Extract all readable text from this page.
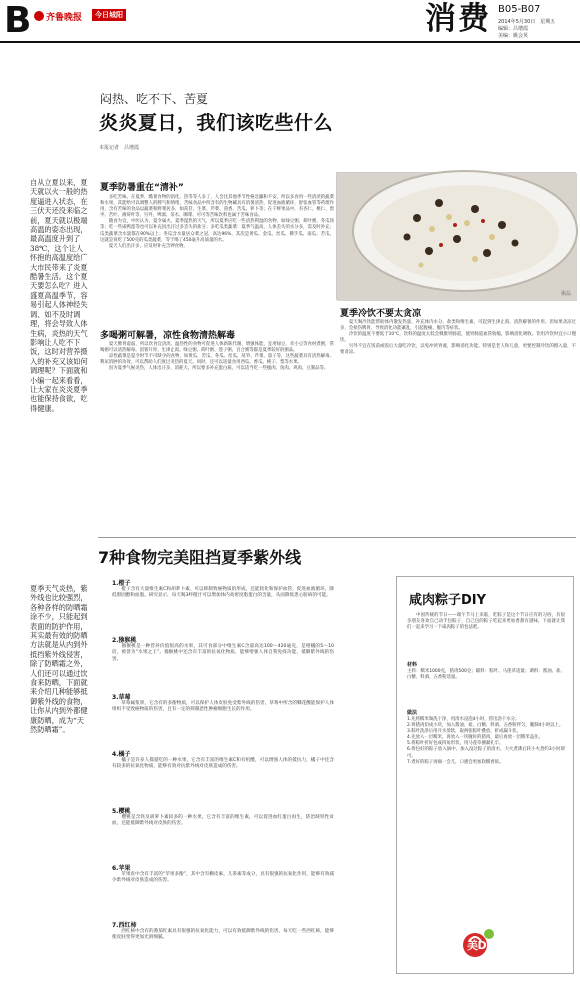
B	齐鲁晚报	今日城阳	消费 B05-B07
2014年5月30日　星期五
编辑：吕增霞
美编：姚会英
闷热、吃不下、苦夏
炎炎夏日，我们该吃些什么
本报记者　吕增霞
自从立夏以来，夏天就以火一般的热度逼进入状态，在三伏天还没来临之前，夏天就以极端高温的姿态出现，最高温度升到了38℃，这个让人怀抱的高温度给广大市民带来了炎夏酷暑生活。这个夏天要怎么吃？进入盛夏高温季节，容易引起人体神经失调、如不及时调理，将会导致人体生病，炎热的天气影响让人吃不下饭，这时对营养摄入的补充又该如何调理呢？下面就和小编一起来看看，让大家在炎炎夏季也能保持食欲，吃得健康。
夏季防暑重在“清补”
　　多吃苦味、在夏季，酷暑食物的消化，热等等人多了，人会比其他季节性格急躁和不安，所以多食用一些清淡的蔬菜和水果，其能给可以调整人的脾气和情绪，苦味食品中所含有的生物碱具有消暑清热，促进血液循环，舒张血管等药理作用，含有苦味的食品以蔬菜和野菜居多，如莴苣、生菜、芹菜、茴香、苦瓜、萝卜等；在干鲜果品中，有杏仁、桃仁、黑枣、苦叶、薄荷叶等，另外，啤酒、茶水、咖啡、可可等苦味饮料也属于苦味食品。
　　随食为宜，中医认为，夏令属火，夏季湿热的天气，所以夏季应吃一些清热利湿的食物，如绿豆粥、荷叶粥、冬瓜汤等；吃一些咸鸭蛋等也可以补充因出汗过多丢失的盐分；多吃瓜类蔬菜：夏季气温高，人体丢失的水分多，需及时补充；瓜类蔬菜含水量都在90%以上；冬瓜含水量居众菜之冠，高达96%，其次是黄瓜、金瓜、丝瓜、佛手瓜、南瓜、苦瓜，这就是说吃了500克的瓜类蔬菜，等于喝了450毫升高质量的水。
　　夏天人们出汗多，应及时补充含钾食物。
粥品
多喝粥可解暑，凉性食物清热解毒
　　夏天脾胃虚弱，所以饮食宜清淡。温热性的食物可促进人体新陈代谢，增强体能，宜用绿豆、赤小豆等食材煮粥，常喝粥可以清热解毒、消暑开胃、生津止渴。绿豆粥、荷叶粥、莲子粥、百合粥等都是夏季较好的粥品。
　　凉性蔬菜是夏令时节不可缺少的食物，如黄瓜、苦瓜、冬瓜、丝瓜、莴笋、芹菜、茄子等，这些蔬菜具有清热解毒、利尿消肿的功效，可以帮助人们度过炎热的夏天。同时，还可以适量食用西瓜、香瓜、桃子、梨等水果。
　　因为夏季气候炎热，人体出汗多，消耗大，所以要多补充蛋白质，可以适当吃一些瘦肉、鱼肉、鸡肉、豆制品等。
夏季冷饮不要太贪凉
　　夏天喝冷饮能帮助体内散发热量，补充体内水分、盐类和维生素，可起到生津止渴、清热解暑的作用。但如果贪凉过多，会损伤脾胃，导致消化功能紊乱，引起腹痛、腹泻等症状。
　　冷饮的温度不要低于10℃，饮料的温度太低会刺激胃肠道，使胃肠道血管收缩，影响消化吸收。饮用冷饮时宜小口慢饮。
　　另外不宜在饭前或饭后大量吃冷饮，以免冲淡胃液，影响消化功能。特别是老人和儿童，更要控制冷饮的摄入量，不要贪凉。
7种食物完美阻挡夏季紫外线
1.橙子
　　橙子含有大量维生素C和胡萝卜素，可以抑制致癌物质的形成，还能软化和保护血管，促进血液循环，降低胆固醇和血脂。研究显示，每天喝3杯橙汁可以增加体内高密度脂蛋白的含量，从而降低患心脏病的可能。
2.猕猴桃
　　猕猴桃是一种营养价值很高的水果，其可食部分中维生素C含量高达100～420毫克，是柑橘的5～10倍，被誉为“水果之王”。猕猴桃中还含有丰富的抗氧化物质，能够增强人体自我免疫功能，抵御紫外线的伤害。
3.草莓
　　草莓属浆果，它含有的多酚物质，可以保护人体皮肤免受紫外线的伤害，草莓中所含的鞣花酸能保护人体组织不受致癌物质的伤害，且有一定的抑制恶性肿瘤细胞生长的作用。
4.橘子
　　橘子是许多人都爱吃的一种水果，它含有丰富的维生素C和有机酸，可以增强人体的抵抗力，橘子中还含有较多的抗氧化物质，能够有效对抗紫外线对皮肤造成的伤害。
5.樱桃
　　樱桃是含铁及胡萝卜素较多的一种水果，它含有丰富的维生素，可以促进血红蛋白再生，防治缺铁性贫血，还能抵御紫外线对皮肤的伤害。
6.苹果
　　苹果皮中含有丰富的“苹果多酚”，其中含有槲皮素、儿茶素等成分，具有很强的抗氧化作用，能够有效减少紫外线对皮肤造成的伤害。
7.西红柿
　　西红柿中含有的番茄红素具有很强的抗氧化能力，可以有效抵御紫外线的伤害，每天吃一些西红柿，能够使皮肤变得更加光滑细腻。
夏季天气炎热，紫外线也比较强烈，各种各样的防晒霜涂不少，只能起到表面的防护作用，其实最有效的防晒方法就是从内到外抵挡紫外线侵害，除了防晒霜之外，人们还可以通过饮食来防晒，下面就来介绍几种能够抵御紫外线的食物，让你从内到外都健康防晒，成为“天然防晒霜”。
咸肉粽子DIY
　　中国传统的节日——端午节马上来临，吃粽子是这个节日应有的习俗，有很多朋友喜欢自己动手包粽子，自己包的粽子吃起来更加香甜有滋味，下面就让我们一起来学习一下咸肉粽子的包法吧。
材料
主料：糯米1000克，猪肉500克；辅料：粽叶、马莲草适量；调料：酱油、盐、白糖、料酒、五香粉适量。
做法
1.先将糯米淘洗干净，用清水浸泡4小时，捞出沥干水分。
2.将猪肉切成小块，加入酱油、盐、白糖、料酒、五香粉拌匀，腌制4小时以上。
3.粽叶洗净后用开水烫软，取两张粽叶叠放，折成漏斗状。
4.先放入一层糯米，再放入一块腌好的猪肉，最后再放一层糯米盖住。
5.将粽叶折好包成四角形状，用马莲草捆紧扎牢。
6.将包好的粽子放入锅中，加入没过粽子的清水，大火煮沸后转小火煮约3小时即可。
7.煮好的粽子再焖一会儿，口感会更加软糯香浓。
美DIY
